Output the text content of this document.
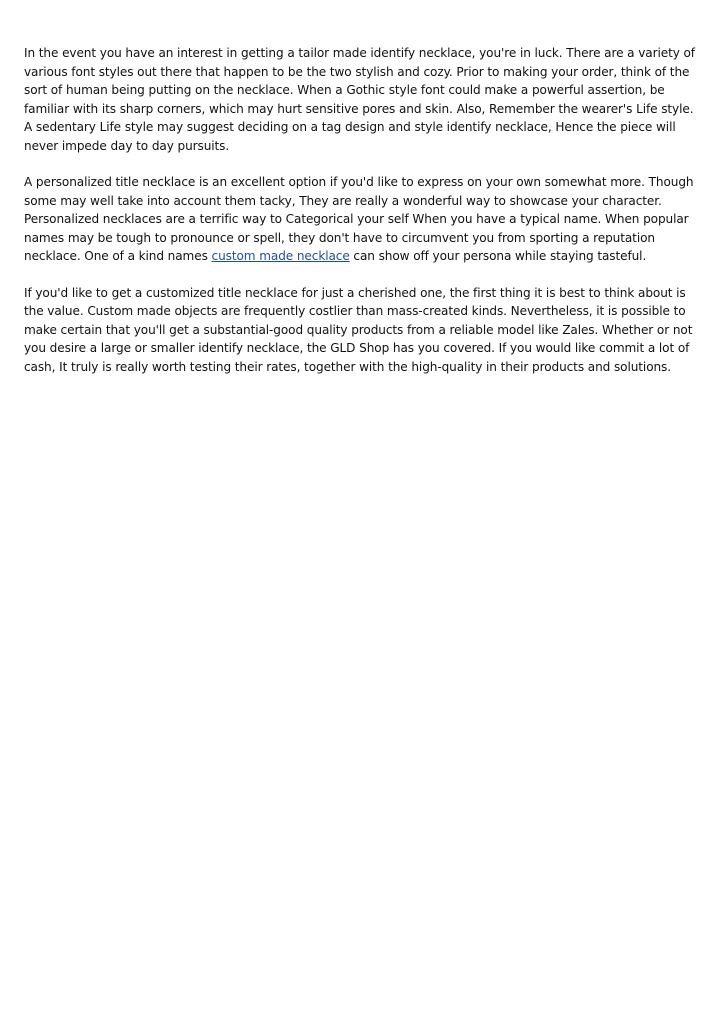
In the event you have an interest in getting a tailor made identify necklace, you're in luck. There are a variety of various font styles out there that happen to be the two stylish and cozy. Prior to making your order, think of the sort of human being putting on the necklace. When a Gothic style font could make a powerful assertion, be familiar with its sharp corners, which may hurt sensitive pores and skin. Also, Remember the wearer's Life style. A sedentary Life style may suggest deciding on a tag design and style identify necklace, Hence the piece will never impede day to day pursuits.

A personalized title necklace is an excellent option if you'd like to express on your own somewhat more. Though some may well take into account them tacky, They are really a wonderful way to showcase your character. Personalized necklaces are a terrific way to Categorical your self When you have a typical name. When popular names may be tough to pronounce or spell, they don't have to circumvent you from sporting a reputation necklace. One of a kind names custom made necklace can show off your persona while staying tasteful.

If you'd like to get a customized title necklace for just a cherished one, the first thing it is best to think about is the value. Custom made objects are frequently costlier than mass-created kinds. Nevertheless, it is possible to make certain that you'll get a substantial-good quality products from a reliable model like Zales. Whether or not you desire a large or smaller identify necklace, the GLD Shop has you covered. If you would like commit a lot of cash, It truly is really worth testing their rates, together with the high-quality in their products and solutions.
